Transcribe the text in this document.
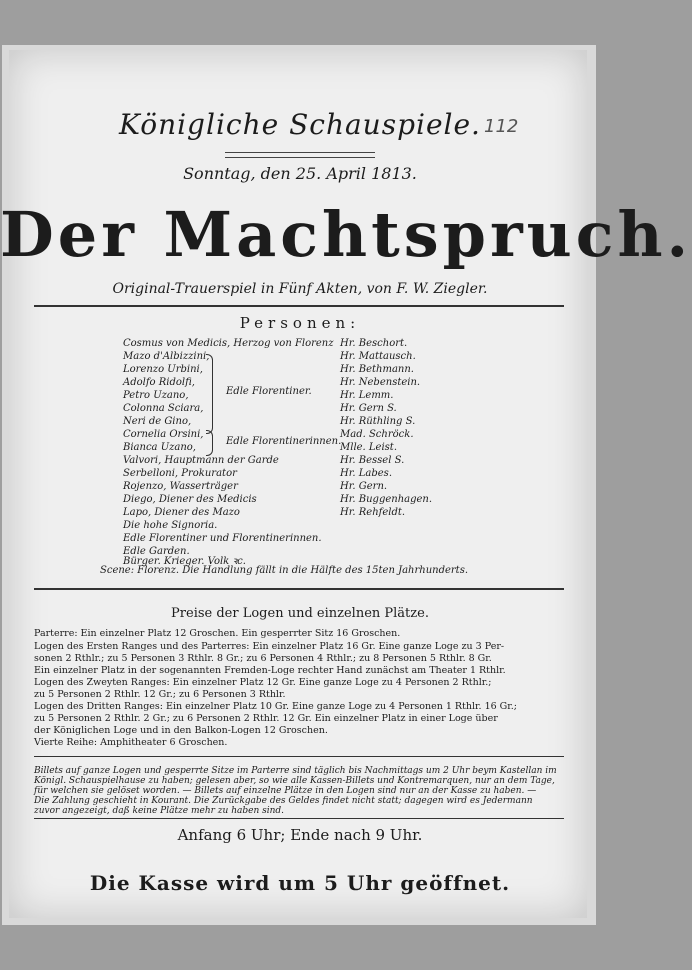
Königliche Schauspiele. 112
Sonntag, den 25. April 1813.
Der Machtspruch.
Original-Trauerspiel in Fünf Akten, von F. W. Ziegler.
Personen:
Cosmus von Medicis, Herzog von Florenz
Mazo d'Albizzini,
Lorenzo Urbini,
Adolfo Ridolfi,
Petro Uzano,
Colonna Sciara,
Neri de Gino,
Cornelia Orsini,
Bianca Uzano,
Valvori, Hauptmann der Garde
Serbelloni, Prokurator
Rojenzo, Wasserträger
Diego, Diener des Medicis
Lapo, Diener des Mazo
Die hohe Signoria.
Edle Florentiner und Florentinerinnen.
Edle Garden.
Edle Florentiner.
Edle Florentinerinnen.
Hr. Beschort.
Hr. Mattausch.
Hr. Bethmann.
Hr. Nebenstein.
Hr. Lemm.
Hr. Gern S.
Hr. Rüthling S.
Mad. Schröck.
Mlle. Leist.
Hr. Bessel S.
Hr. Labes.
Hr. Gern.
Hr. Buggenhagen.
Hr. Rehfeldt.
Scene: Florenz. Die Handlung fällt in die Hälfte des 15ten Jahrhunderts.
Preise der Logen und einzelnen Plätze.
Parterre: Ein einzelner Platz 12 Groschen. Ein gesperrter Sitz 16 Groschen.
Logen des Ersten Ranges und des Parterres: Ein einzelner Platz 16 Gr. Eine ganze Loge zu 3 Per-
sonen 2 Rthlr.; zu 5 Personen 3 Rthlr. 8 Gr.; zu 6 Personen 4 Rthlr.; zu 8 Personen 5 Rthlr. 8 Gr.
Ein einzelner Platz in der sogenannten Fremden-Loge rechter Hand zunächst am Theater 1 Rthlr.
Logen des Zweyten Ranges: Ein einzelner Platz 12 Gr. Eine ganze Loge zu 4 Personen 2 Rthlr.;
zu 5 Personen 2 Rthlr. 12 Gr.; zu 6 Personen 3 Rthlr.
Logen des Dritten Ranges: Ein einzelner Platz 10 Gr. Eine ganze Loge zu 4 Personen 1 Rthlr. 16 Gr.;
zu 5 Personen 2 Rthlr. 2 Gr.; zu 6 Personen 2 Rthlr. 12 Gr. Ein einzelner Platz in einer Loge über
der Königlichen Loge und in den Balkon-Logen 12 Groschen.
Vierte Reihe: Amphitheater 6 Groschen.
Billets auf ganze Logen und gesperrte Sitze im Parterre sind täglich bis Nachmittags um 2 Uhr beym Kastellan im
Königl. Schauspielhause zu haben; gelesen aber, so wie alle Kassen-Billets und Kontremarquen, nur an dem Tage,
für welchen sie gelöset worden. — Billets auf einzelne Plätze in den Logen sind nur an der Kasse zu haben. —
Die Zahlung geschieht in Kourant. Die Zurückgabe des Geldes findet nicht statt; dagegen wird es Jedermann
zuvor angezeigt, daß keine Plätze mehr zu haben sind.
Anfang 6 Uhr; Ende nach 9 Uhr.
Die Kasse wird um 5 Uhr geöffnet.
Bürger. Krieger. Volk ꝛc.
